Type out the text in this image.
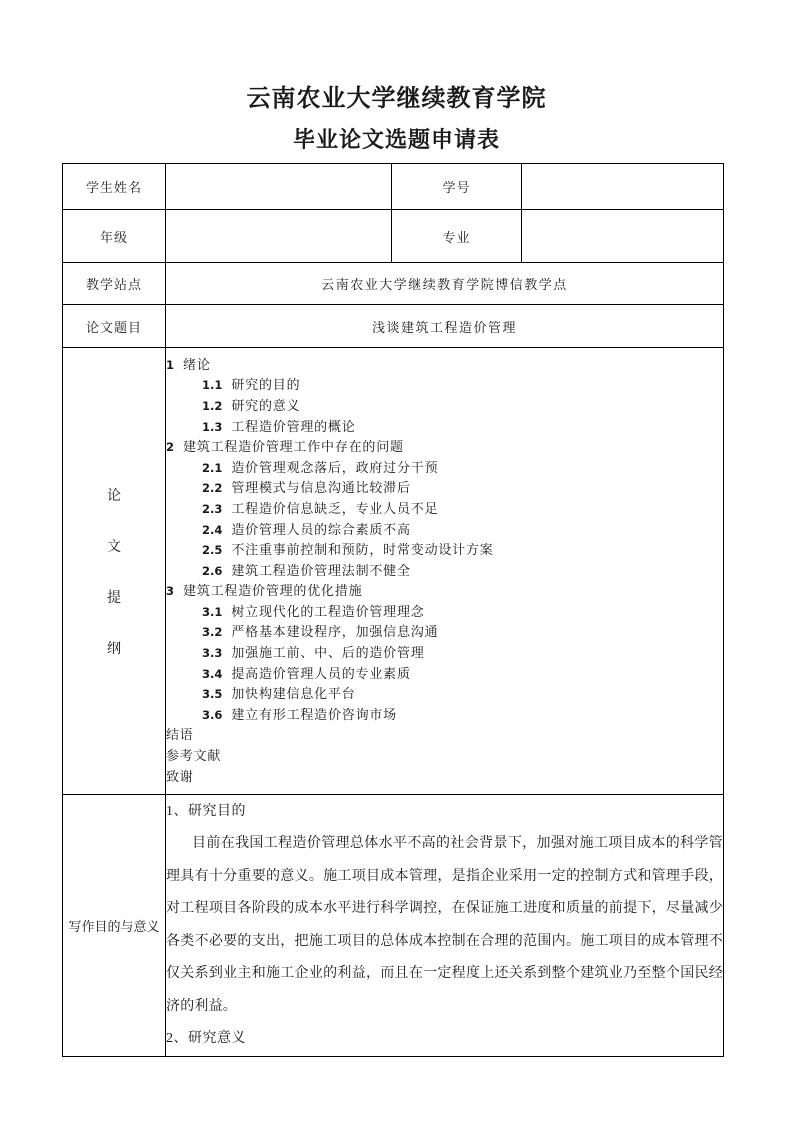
云南农业大学继续教育学院
毕业论文选题申请表
学生姓名		学号	
年级		专业	
教学站点	云南农业大学继续教育学院博信教学点		
论文题目	浅谈建筑工程造价管理		

论
文
提
纲

1 绪论
1.1 研究的目的
1.2 研究的意义
1.3 工程造价管理的概论
2 建筑工程造价管理工作中存在的问题
2.1 造价管理观念落后，政府过分干预
2.2 管理模式与信息沟通比较滞后
2.3 工程造价信息缺乏，专业人员不足
2.4 造价管理人员的综合素质不高
2.5 不注重事前控制和预防，时常变动设计方案
2.6 建筑工程造价管理法制不健全
3 建筑工程造价管理的优化措施
3.1 树立现代化的工程造价管理理念
3.2 严格基本建设程序，加强信息沟通
3.3 加强施工前、中、后的造价管理
3.4 提高造价管理人员的专业素质
3.5 加快构建信息化平台
3.6 建立有形工程造价咨询市场
结语
参考文献
致谢

写作目的与意义	1、研究目的

目前在我国工程造价管理总体水平不高的社会背景下，加强对施工项目成本的科学管理具有十分重要的意义。施工项目成本管理，是指企业采用一定的控制方式和管理手段，对工程项目各阶段的成本水平进行科学调控，在保证施工进度和质量的前提下，尽量减少各类不必要的支出，把施工项目的总体成本控制在合理的范围内。施工项目的成本管理不仅关系到业主和施工企业的利益，而且在一定程度上还关系到整个建筑业乃至整个国民经济的利益。

2、研究意义		
